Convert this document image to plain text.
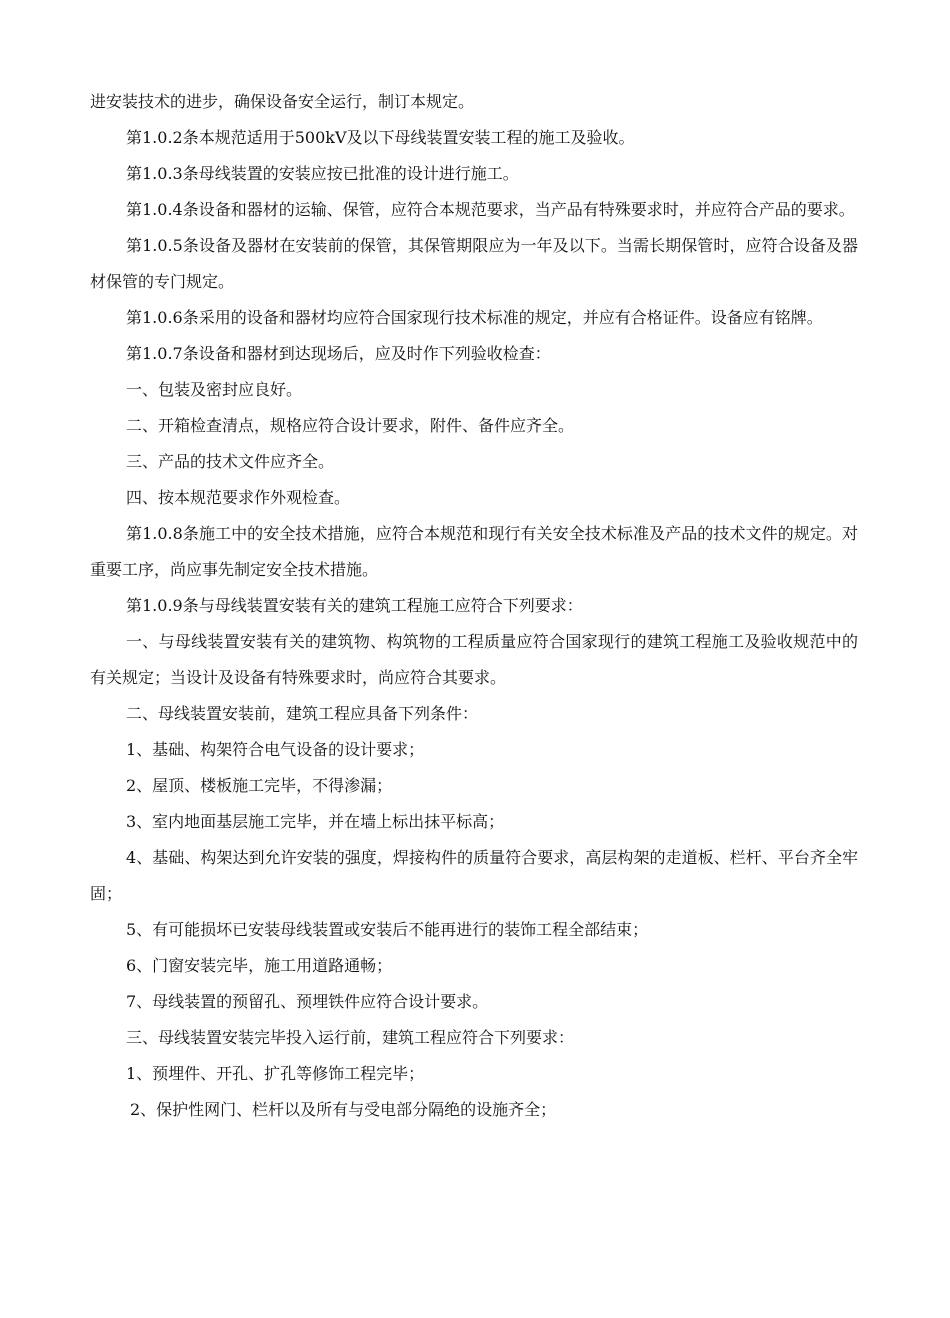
进安装技术的进步，确保设备安全运行，制订本规定。

第1.0.2条本规范适用于500kV及以下母线装置安装工程的施工及验收。

第1.0.3条母线装置的安装应按已批准的设计进行施工。

第1.0.4条设备和器材的运输、保管，应符合本规范要求，当产品有特殊要求时，并应符合产品的要求。

第1.0.5条设备及器材在安装前的保管，其保管期限应为一年及以下。当需长期保管时，应符合设备及器材保管的专门规定。

第1.0.6条采用的设备和器材均应符合国家现行技术标准的规定，并应有合格证件。设备应有铭牌。

第1.0.7条设备和器材到达现场后，应及时作下列验收检查：

一、包装及密封应良好。

二、开箱检查清点，规格应符合设计要求，附件、备件应齐全。

三、产品的技术文件应齐全。

四、按本规范要求作外观检查。

第1.0.8条施工中的安全技术措施，应符合本规范和现行有关安全技术标准及产品的技术文件的规定。对重要工序，尚应事先制定安全技术措施。

第1.0.9条与母线装置安装有关的建筑工程施工应符合下列要求：

一、与母线装置安装有关的建筑物、构筑物的工程质量应符合国家现行的建筑工程施工及验收规范中的有关规定；当设计及设备有特殊要求时，尚应符合其要求。

二、母线装置安装前，建筑工程应具备下列条件：

1、基础、构架符合电气设备的设计要求；

2、屋顶、楼板施工完毕，不得渗漏；

3、室内地面基层施工完毕，并在墙上标出抹平标高；

4、基础、构架达到允许安装的强度，焊接构件的质量符合要求，高层构架的走道板、栏杆、平台齐全牢固；

5、有可能损坏已安装母线装置或安装后不能再进行的装饰工程全部结束；

6、门窗安装完毕，施工用道路通畅；

7、母线装置的预留孔、预埋铁件应符合设计要求。

三、母线装置安装完毕投入运行前，建筑工程应符合下列要求：

1、预埋件、开孔、扩孔等修饰工程完毕；

2、保护性网门、栏杆以及所有与受电部分隔绝的设施齐全；
